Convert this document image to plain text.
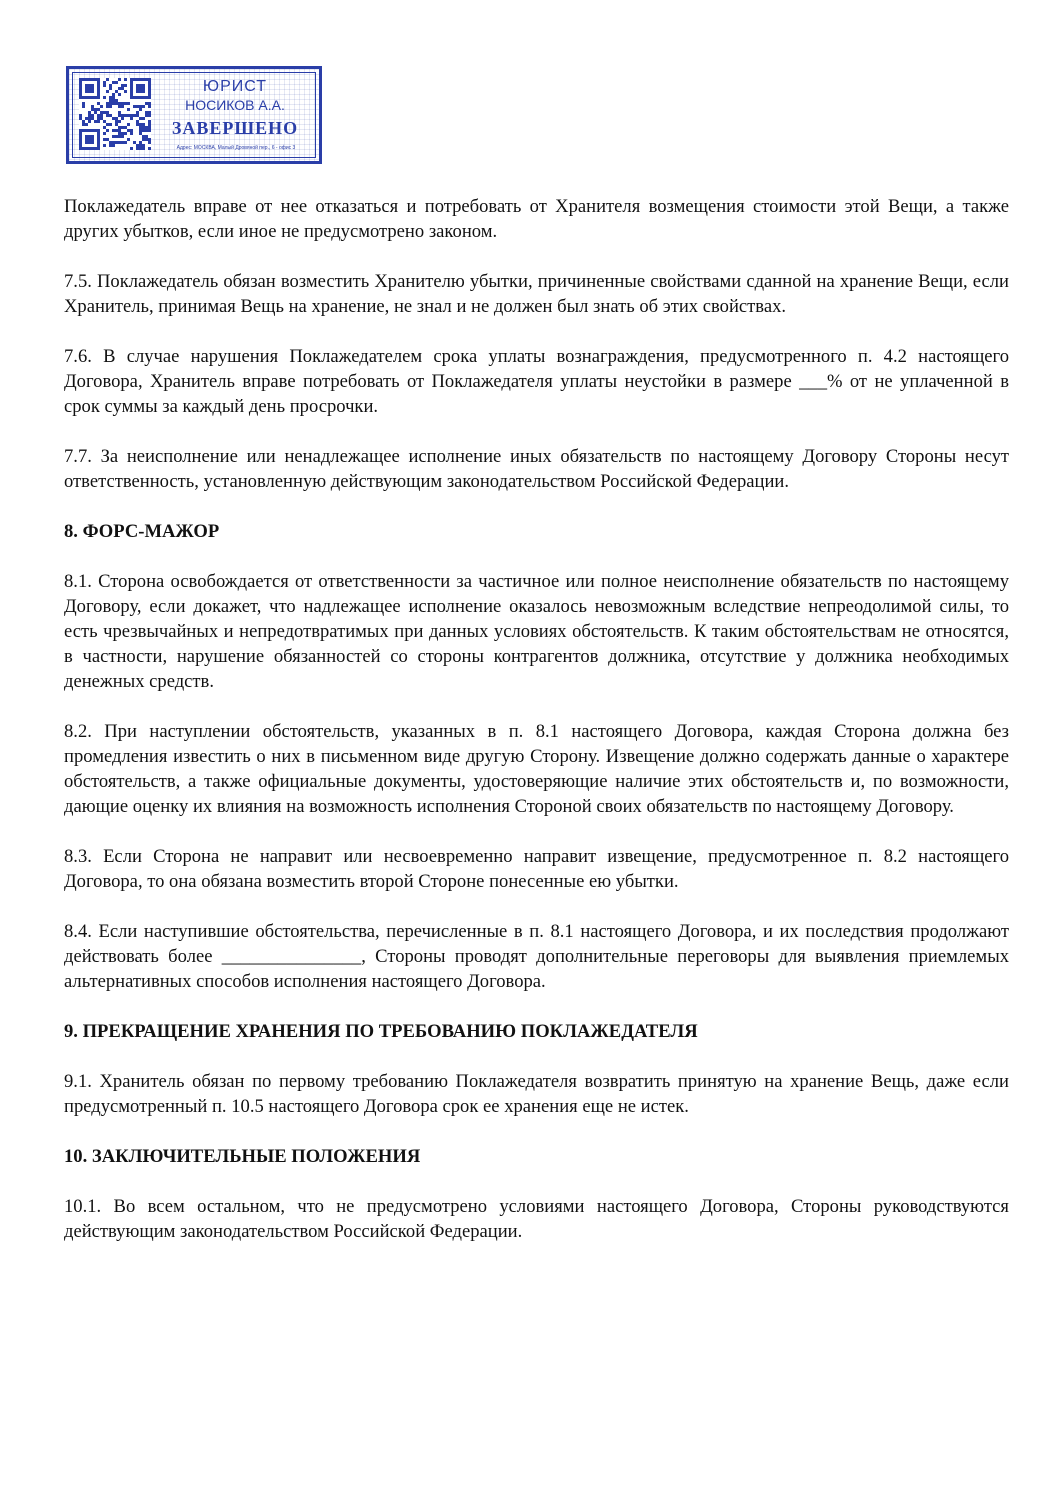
ЮРИСТ
НОСИКОВ А.А.
ЗАВЕРШЕНО
Адрес: МОСКВА, Малый Дровяной пер., 6 - офис 3

Поклажедатель вправе от нее отказаться и потребовать от Хранителя возмещения стоимости этой Вещи, а также других убытков, если иное не предусмотрено законом.

7.5. Поклажедатель обязан возместить Хранителю убытки, причиненные свойствами сданной на хранение Вещи, если Хранитель, принимая Вещь на хранение, не знал и не должен был знать об этих свойствах.

7.6. В случае нарушения Поклажедателем срока уплаты вознаграждения, предусмотренного п. 4.2 настоящего Договора, Хранитель вправе потребовать от Поклажедателя уплаты неустойки в размере ___% от не уплаченной в срок суммы за каждый день просрочки.

7.7. За неисполнение или ненадлежащее исполнение иных обязательств по настоящему Договору Стороны несут ответственность, установленную действующим законодательством Российской Федерации.

8. ФОРС-МАЖОР

8.1. Сторона освобождается от ответственности за частичное или полное неисполнение обязательств по настоящему Договору, если докажет, что надлежащее исполнение оказалось невозможным вследствие непреодолимой силы, то есть чрезвычайных и непредотвратимых при данных условиях обстоятельств. К таким обстоятельствам не относятся, в частности, нарушение обязанностей со стороны контрагентов должника, отсутствие у должника необходимых денежных средств.

8.2. При наступлении обстоятельств, указанных в п. 8.1 настоящего Договора, каждая Сторона должна без промедления известить о них в письменном виде другую Сторону. Извещение должно содержать данные о характере обстоятельств, а также официальные документы, удостоверяющие наличие этих обстоятельств и, по возможности, дающие оценку их влияния на возможность исполнения Стороной своих обязательств по настоящему Договору.

8.3. Если Сторона не направит или несвоевременно направит извещение, предусмотренное п. 8.2 настоящего Договора, то она обязана возместить второй Стороне понесенные ею убытки.

8.4. Если наступившие обстоятельства, перечисленные в п. 8.1 настоящего Договора, и их последствия продолжают действовать более _______________, Стороны проводят дополнительные переговоры для выявления приемлемых альтернативных способов исполнения настоящего Договора.

9. ПРЕКРАЩЕНИЕ ХРАНЕНИЯ ПО ТРЕБОВАНИЮ ПОКЛАЖЕДАТЕЛЯ

9.1. Хранитель обязан по первому требованию Поклажедателя возвратить принятую на хранение Вещь, даже если предусмотренный п. 10.5 настоящего Договора срок ее хранения еще не истек.

10. ЗАКЛЮЧИТЕЛЬНЫЕ ПОЛОЖЕНИЯ

10.1. Во всем остальном, что не предусмотрено условиями настоящего Договора, Стороны руководствуются действующим законодательством Российской Федерации.
